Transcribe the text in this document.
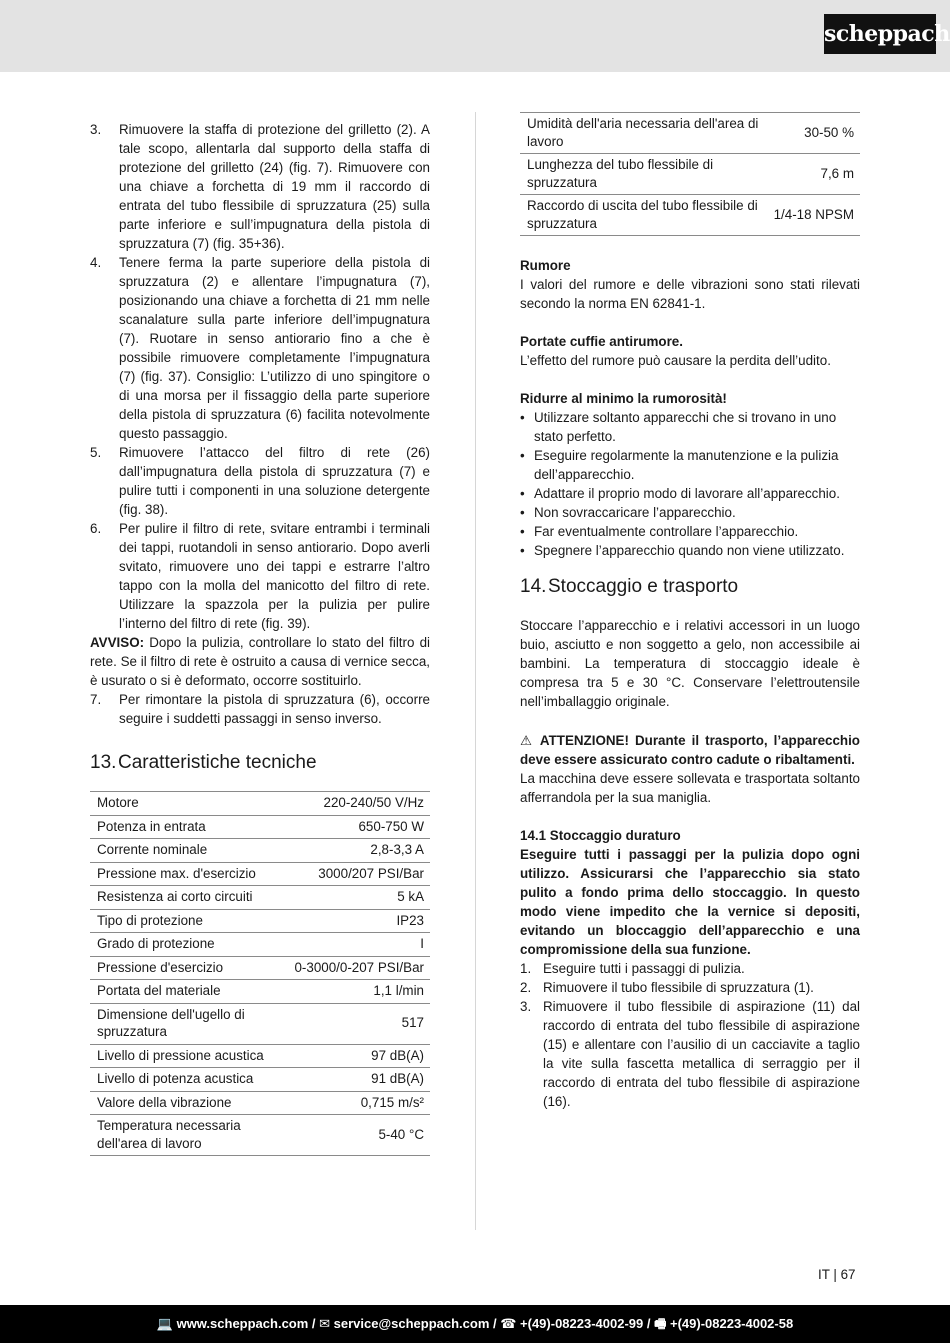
scheppach
3. Rimuovere la staffa di protezione del grilletto (2). A tale scopo, allentarla dal supporto della staffa di protezione del grilletto (24) (fig. 7). Rimuovere con una chiave a forchetta di 19 mm il raccordo di entrata del tubo flessibile di spruzzatura (25) sulla parte inferiore e sull’impugnatura della pistola di spruzzatura (7) (fig. 35+36).
4. Tenere ferma la parte superiore della pistola di spruzzatura (2) e allentare l’impugnatura (7), posizionando una chiave a forchetta di 21 mm nelle scanalature sulla parte inferiore dell’impugnatura (7). Ruotare in senso antiorario fino a che è possibile rimuovere completamente l’impugnatura (7) (fig. 37). Consiglio: L’utilizzo di uno spingitore o di una morsa per il fissaggio della parte superiore della pistola di spruzzatura (6) facilita notevolmente questo passaggio.
5. Rimuovere l’attacco del filtro di rete (26) dall’impugnatura della pistola di spruzzatura (7) e pulire tutti i componenti in una soluzione detergente (fig. 38).
6. Per pulire il filtro di rete, svitare entrambi i terminali dei tappi, ruotandoli in senso antiorario. Dopo averli svitato, rimuovere uno dei tappi e estrarre l’altro tappo con la molla del manicotto del filtro di rete. Utilizzare la spazzola per la pulizia per pulire l’interno del filtro di rete (fig. 39).

AVVISO: Dopo la pulizia, controllare lo stato del filtro di rete. Se il filtro di rete è ostruito a causa di vernice secca, è usurato o si è deformato, occorre sostituirlo.

7. Per rimontare la pistola di spruzzatura (6), occorre seguire i suddetti passaggi in senso inverso.
13.Caratteristiche tecniche
Motore	220-240/50 V/Hz
Potenza in entrata	650-750 W
Corrente nominale	2,8-3,3 A
Pressione max. d'esercizio	3000/207 PSI/Bar
Resistenza ai corto circuiti	5 kA
Tipo di protezione	IP23
Grado di protezione	I
Pressione d'esercizio	0-3000/0-207 PSI/Bar
Portata del materiale	1,1 l/min
Dimensione dell'ugello di spruzzatura	517
Livello di pressione acustica	97 dB(A)
Livello di potenza acustica	91 dB(A)
Valore della vibrazione	0,715 m/s²
Temperatura necessaria dell'area di lavoro	5-40 °C
Umidità dell'aria necessaria dell'area di lavoro	30-50 %
Lunghezza del tubo flessibile di spruzzatura	7,6 m
Raccordo di uscita del tubo flessibile di spruzzatura	1/4-18 NPSM

Rumore

I valori del rumore e delle vibrazioni sono stati rilevati secondo la norma EN 62841-1.

Portate cuffie antirumore.

L’effetto del rumore può causare la perdita dell’udito.

Ridurre al minimo la rumorosità!

• Utilizzare soltanto apparecchi che si trovano in uno stato perfetto.
• Eseguire regolarmente la manutenzione e la pulizia dell’apparecchio.
• Adattare il proprio modo di lavorare all’apparecchio.
• Non sovraccaricare l’apparecchio.
• Far eventualmente controllare l’apparecchio.
• Spegnere l’apparecchio quando non viene utilizzato.
14.Stoccaggio e trasporto

Stoccare l’apparecchio e i relativi accessori in un luogo buio, asciutto e non soggetto a gelo, non accessibile ai bambini. La temperatura di stoccaggio ideale è compresa tra 5 e 30 °C. Conservare l’elettroutensile nell’imballaggio originale.

⚠ ATTENZIONE! Durante il trasporto, l’apparecchio deve essere assicurato contro cadute o ribaltamenti.

La macchina deve essere sollevata e trasportata soltanto afferrandola per la sua maniglia.

14.1 Stoccaggio duraturo

Eseguire tutti i passaggi per la pulizia dopo ogni utilizzo. Assicurarsi che l’apparecchio sia stato pulito a fondo prima dello stoccaggio. In questo modo viene impedito che la vernice si depositi, evitando un bloccaggio dell’apparecchio e una compromissione della sua funzione.

1. Eseguire tutti i passaggi di pulizia.
2. Rimuovere il tubo flessibile di spruzzatura (1).
3. Rimuovere il tubo flessibile di aspirazione (11) dal raccordo di entrata del tubo flessibile di aspirazione (15) e allentare con l’ausilio di un cacciavite a taglio la vite sulla fascetta metallica di serraggio per il raccordo di entrata del tubo flessibile di aspirazione (16).
IT | 67
💻 www.scheppach.com / ✉ service@scheppach.com / ☎ +(49)-08223-4002-99 / 🖷 +(49)-08223-4002-58
